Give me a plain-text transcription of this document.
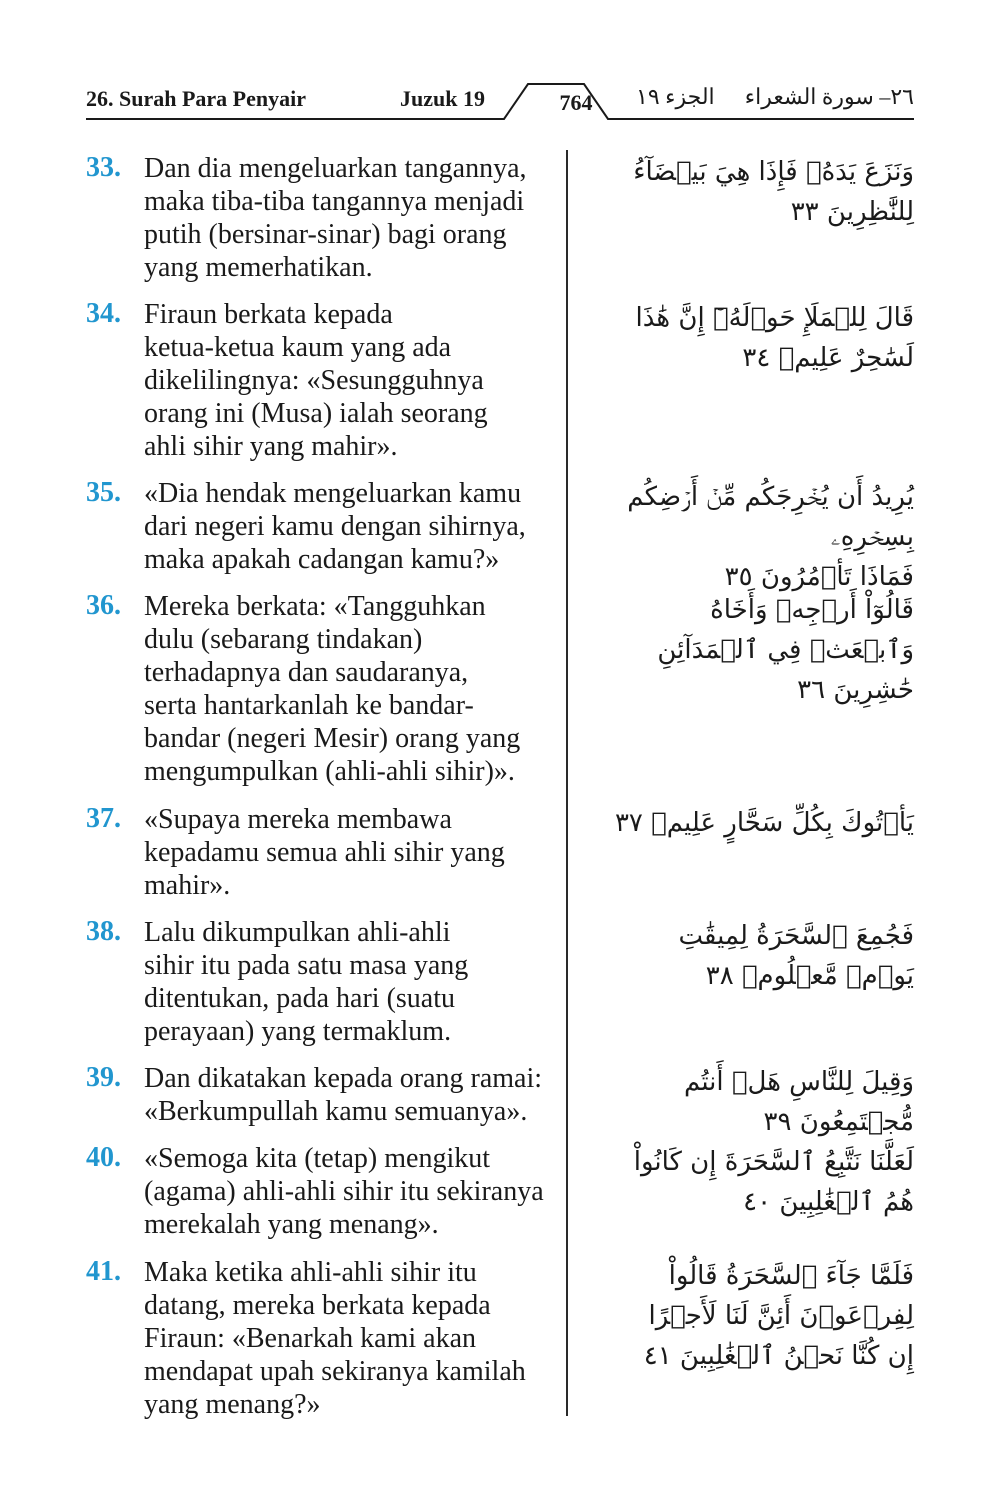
26. Surah Para Penyair	Juzuk 19	764	الجزء ١٩ ٢٦– سورة الشعراء
33. Dan dia mengeluarkan tangannya,
maka tiba-tiba tangannya menjadi
putih (bersinar-sinar) bagi orang
yang memerhatikan.
وَنَزَعَ يَدَهُۥ فَإِذَا هِيَ بَيۡضَآءُ لِلنَّٰظِرِينَ ٣٣
34. Firaun berkata kepada
ketua-ketua kaum yang ada
dikelilingnya: «Sesungguhnya
orang ini (Musa) ialah seorang
ahli sihir yang mahir».
قَالَ لِلۡمَلَإِ حَوۡلَهُۥٓ إِنَّ هَٰذَا لَسَٰحِرٌ عَلِيمٞ ٣٤
35. «Dia hendak mengeluarkan kamu
dari negeri kamu dengan sihirnya,
maka apakah cadangan kamu?»
يُرِيدُ أَن يُخۡرِجَكُم مِّنۡ أَرۡضِكُم بِسِحۡرِهِۦ
فَمَاذَا تَأۡمُرُونَ ٣٥
36. Mereka berkata: «Tangguhkan
dulu (sebarang tindakan)
terhadapnya dan saudaranya,
serta hantarkanlah ke bandar-
bandar (negeri Mesir) orang yang
mengumpulkan (ahli-ahli sihir)».
قَالُوٓاْ أَرۡجِهۡ وَأَخَاهُ وَٱبۡعَثۡ فِي ٱلۡمَدَآئِنِ حَٰشِرِينَ ٣٦
37. «Supaya mereka membawa
kepadamu semua ahli sihir yang
mahir».
يَأۡتُوكَ بِكُلِّ سَحَّارٍ عَلِيمٖ ٣٧
38. Lalu dikumpulkan ahli-ahli
sihir itu pada satu masa yang
ditentukan, pada hari (suatu
perayaan) yang termaklum.
فَجُمِعَ ٱلسَّحَرَةُ لِمِيقَٰتِ يَوۡمٖ مَّعۡلُومٖ ٣٨
39. Dan dikatakan kepada orang ramai:
«Berkumpullah kamu semuanya».
وَقِيلَ لِلنَّاسِ هَلۡ أَنتُم مُّجۡتَمِعُونَ ٣٩
40. «Semoga kita (tetap) mengikut
(agama) ahli-ahli sihir itu sekiranya
merekalah yang menang».
لَعَلَّنَا نَتَّبِعُ ٱلسَّحَرَةَ إِن كَانُواْ هُمُ ٱلۡغَٰلِبِينَ ٤٠
41. Maka ketika ahli-ahli sihir itu
datang, mereka berkata kepada
Firaun: «Benarkah kami akan
mendapat upah sekiranya kamilah
yang menang?»
فَلَمَّا جَآءَ ٱلسَّحَرَةُ قَالُواْ لِفِرۡعَوۡنَ أَئِنَّ لَنَا لَأَجۡرًا
إِن كُنَّا نَحۡنُ ٱلۡغَٰلِبِينَ ٤١
